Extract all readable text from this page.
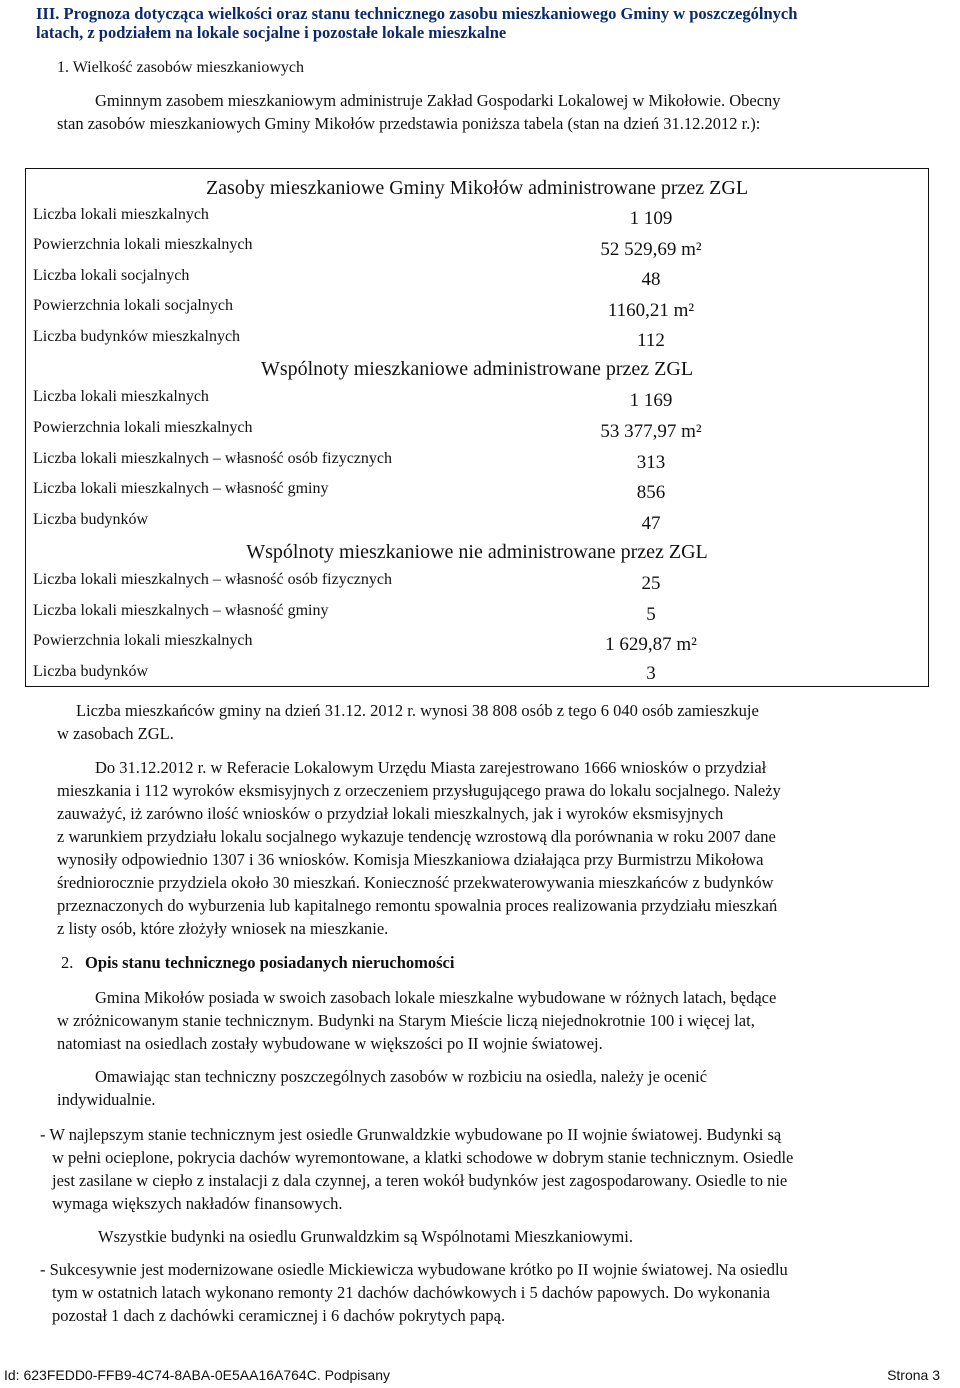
III. Prognoza dotycząca wielkości oraz stanu technicznego zasobu mieszkaniowego Gminy w poszczególnych
latach, z podziałem na lokale socjalne i pozostałe lokale mieszkalne
1. Wielkość zasobów mieszkaniowych
Gminnym zasobem mieszkaniowym administruje Zakład Gospodarki Lokalowej w Mikołowie. Obecny
stan zasobów mieszkaniowych Gminy Mikołów przedstawia poniższa tabela (stan na dzień 31.12.2012 r.):
Zasoby mieszkaniowe Gminy Mikołów administrowane przez ZGL
Liczba lokali mieszkalnych	1 109
Powierzchnia lokali mieszkalnych	52 529,69 m²
Liczba lokali socjalnych	48
Powierzchnia lokali socjalnych	1160,21 m²
Liczba budynków mieszkalnych	112
Wspólnoty mieszkaniowe administrowane przez ZGL
Liczba lokali mieszkalnych	1 169
Powierzchnia lokali mieszkalnych	53 377,97 m²
Liczba lokali mieszkalnych – własność osób fizycznych	313
Liczba lokali mieszkalnych – własność gminy	856
Liczba budynków	47
Wspólnoty mieszkaniowe nie administrowane przez ZGL
Liczba lokali mieszkalnych – własność osób fizycznych	25
Liczba lokali mieszkalnych – własność gminy	5
Powierzchnia lokali mieszkalnych	1 629,87 m²
Liczba budynków	3
Liczba mieszkańców gminy na dzień 31.12. 2012 r. wynosi 38 808 osób z tego 6 040 osób zamieszkuje
w zasobach ZGL.
Do 31.12.2012 r. w Referacie Lokalowym Urzędu Miasta zarejestrowano 1666 wniosków o przydział
mieszkania i 112 wyroków eksmisyjnych z orzeczeniem przysługującego prawa do lokalu socjalnego. Należy
zauważyć, iż zarówno ilość wniosków o przydział lokali mieszkalnych, jak i wyroków eksmisyjnych
z warunkiem przydziału lokalu socjalnego wykazuje tendencję wzrostową dla porównania w roku 2007 dane
wynosiły odpowiednio 1307 i 36 wniosków. Komisja Mieszkaniowa działająca przy Burmistrzu Mikołowa
średniorocznie przydziela około 30 mieszkań. Konieczność przekwaterowywania mieszkańców z budynków
przeznaczonych do wyburzenia lub kapitalnego remontu spowalnia proces realizowania przydziału mieszkań
z listy osób, które złożyły wniosek na mieszkanie.
2. Opis stanu technicznego posiadanych nieruchomości
Gmina Mikołów posiada w swoich zasobach lokale mieszkalne wybudowane w różnych latach, będące
w zróżnicowanym stanie technicznym. Budynki na Starym Mieście liczą niejednokrotnie 100 i więcej lat,
natomiast na osiedlach zostały wybudowane w większości po II wojnie światowej.
Omawiając stan techniczny poszczególnych zasobów w rozbiciu na osiedla, należy je ocenić
indywidualnie.
- W najlepszym stanie technicznym jest osiedle Grunwaldzkie wybudowane po II wojnie światowej. Budynki są
w pełni ocieplone, pokrycia dachów wyremontowane, a klatki schodowe w dobrym stanie technicznym. Osiedle
jest zasilane w ciepło z instalacji z dala czynnej, a teren wokół budynków jest zagospodarowany. Osiedle to nie
wymaga większych nakładów finansowych.
Wszystkie budynki na osiedlu Grunwaldzkim są Wspólnotami Mieszkaniowymi.
- Sukcesywnie jest modernizowane osiedle Mickiewicza wybudowane krótko po II wojnie światowej. Na osiedlu
tym w ostatnich latach wykonano remonty 21 dachów dachówkowych i 5 dachów papowych. Do wykonania
pozostał 1 dach z dachówki ceramicznej i 6 dachów pokrytych papą.
Id: 623FEDD0-FFB9-4C74-8ABA-0E5AA16A764C. Podpisany	Strona 3
